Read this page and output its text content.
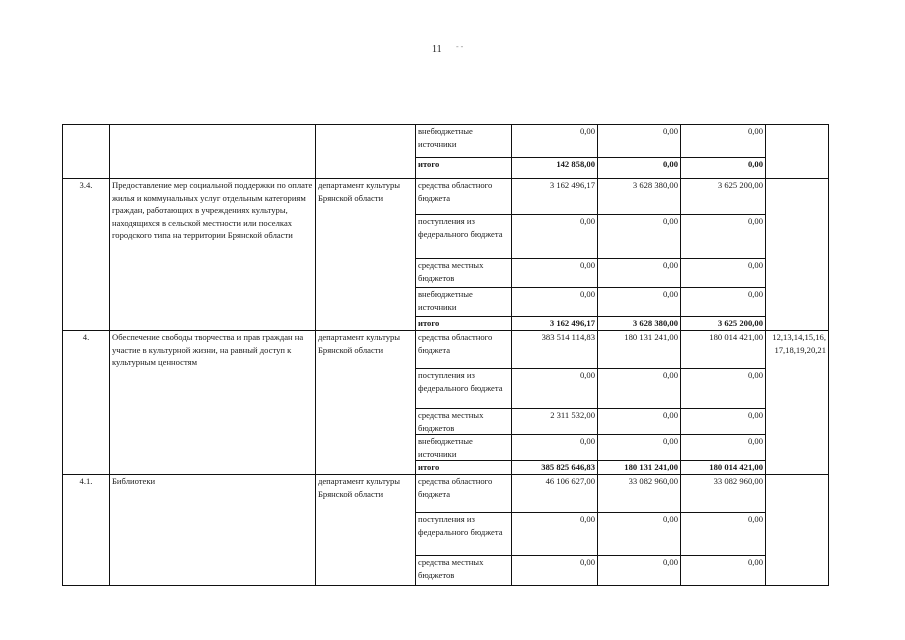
11 - -
			внебюджетные источники	0,00	0,00	0,00	
			итого	142 858,00	0,00	0,00	
3.4.	Предоставление мер социальной поддержки по оплате жилья и коммунальных услуг отдельным категориям граждан, работающих в учреждениях культуры, находящихся в сельской местности или поселках городского типа на территории Брянской области	департамент культуры Брянской области	средства областного бюджета	3 162 496,17	3 628 380,00	3 625 200,00	
			поступления из федерального бюджета	0,00	0,00	0,00	
			средства местных бюджетов	0,00	0,00	0,00	
			внебюджетные источники	0,00	0,00	0,00	
			итого	3 162 496,17	3 628 380,00	3 625 200,00	
4.	Обеспечение свободы творчества и прав граждан на участие в культурной жизни, на равный доступ к культурным ценностям	департамент культуры Брянской области	средства областного бюджета	383 514 114,83	180 131 241,00	180 014 421,00	12,13,14,15,16, 17,18,19,20,21
			поступления из федерального бюджета	0,00	0,00	0,00	
			средства местных бюджетов	2 311 532,00	0,00	0,00	
			внебюджетные источники	0,00	0,00	0,00	
			итого	385 825 646,83	180 131 241,00	180 014 421,00	
4.1.	Библиотеки	департамент культуры Брянской области	средства областного бюджета	46 106 627,00	33 082 960,00	33 082 960,00	
			поступления из федерального бюджета	0,00	0,00	0,00	
			средства местных бюджетов	0,00	0,00	0,00	
